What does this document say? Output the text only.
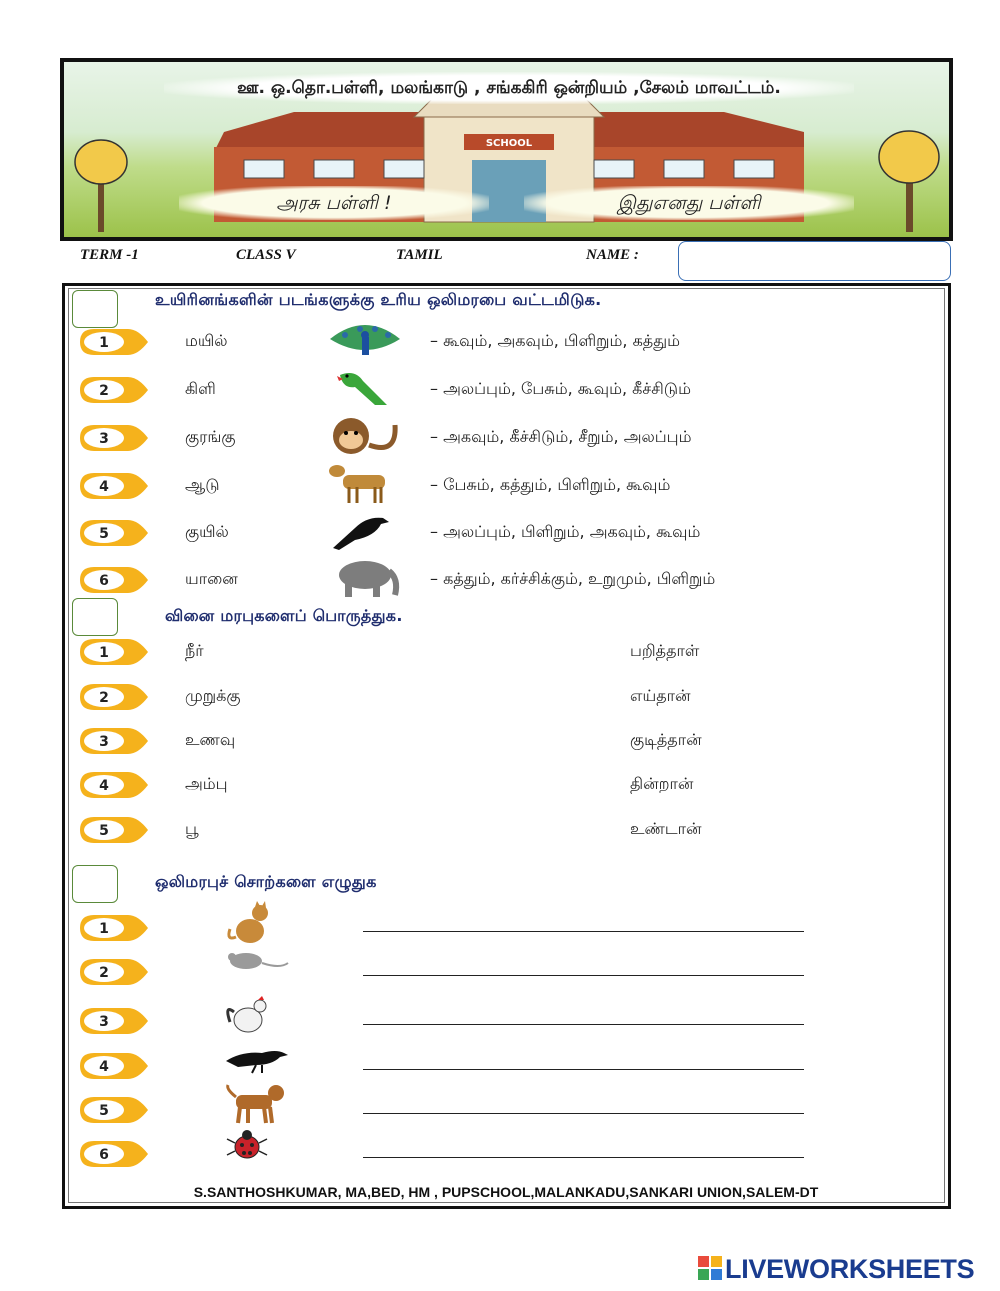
SCHOOL
ஊ. ஒ.தொ.பள்ளி, மலங்காடு , சங்ககிரி ஒன்றியம் ,சேலம் மாவட்டம்.
அரசு பள்ளி !	இதுஎனது பள்ளி
TERM -1	CLASS V	TAMIL	NAME :
உயிரினங்களின் படங்களுக்கு உரிய ஒலிமரபை வட்டமிடுக.
1	மயில்	– கூவும், அகவும், பிளிறும், கத்தும்
2	கிளி	– அலப்பும், பேசும், கூவும், கீச்சிடும்
3	குரங்கு	– அகவும், கீச்சிடும், சீறும், அலப்பும்
4	ஆடு	– பேசும், கத்தும், பிளிறும், கூவும்
5	குயில்	– அலப்பும், பிளிறும், அகவும், கூவும்
6	யானை	– கத்தும், கர்ச்சிக்கும், உறுமும், பிளிறும்
வினை மரபுகளைப் பொருத்துக.
1	நீர்	பறித்தாள்
2	முறுக்கு	எய்தான்
3	உணவு	குடித்தான்
4	அம்பு	தின்றான்
5	பூ	உண்டான்
ஒலிமரபுச் சொற்களை எழுதுக
1
2
3
4
5
6
S.SANTHOSHKUMAR, MA,BED, HM , PUPSCHOOL,MALANKADU,SANKARI UNION,SALEM-DT
LIVEWORKSHEETS
